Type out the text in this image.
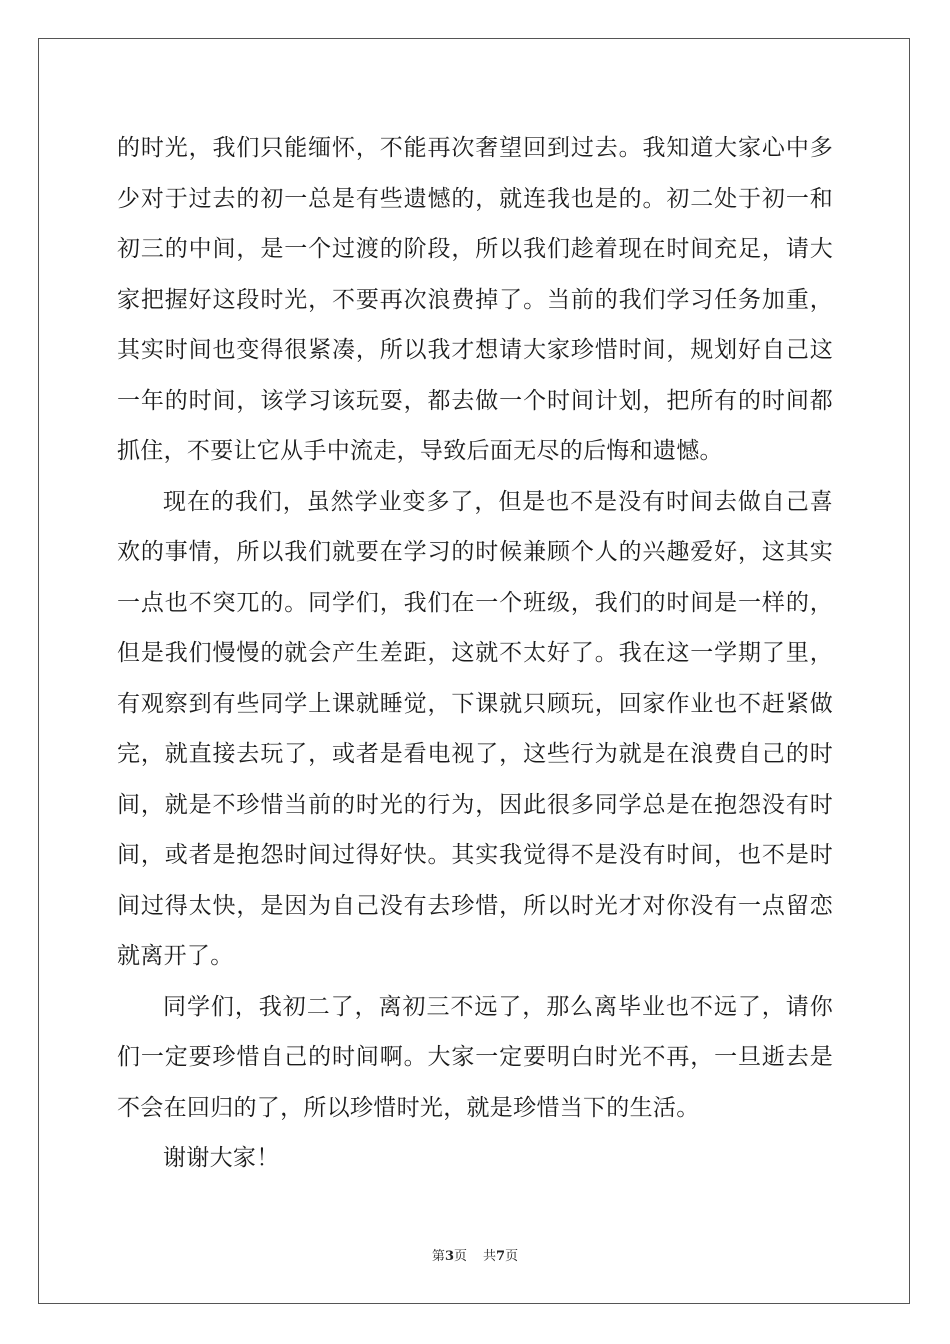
的时光，我们只能缅怀，不能再次奢望回到过去。我知道大家心中多
少对于过去的初一总是有些遗憾的，就连我也是的。初二处于初一和
初三的中间，是一个过渡的阶段，所以我们趁着现在时间充足，请大
家把握好这段时光，不要再次浪费掉了。当前的我们学习任务加重，
其实时间也变得很紧凑，所以我才想请大家珍惜时间，规划好自己这
一年的时间，该学习该玩耍，都去做一个时间计划，把所有的时间都
抓住，不要让它从手中流走，导致后面无尽的后悔和遗憾。
现在的我们，虽然学业变多了，但是也不是没有时间去做自己喜
欢的事情，所以我们就要在学习的时候兼顾个人的兴趣爱好，这其实
一点也不突兀的。同学们，我们在一个班级，我们的时间是一样的，
但是我们慢慢的就会产生差距，这就不太好了。我在这一学期了里，
有观察到有些同学上课就睡觉，下课就只顾玩，回家作业也不赶紧做
完，就直接去玩了，或者是看电视了，这些行为就是在浪费自己的时
间，就是不珍惜当前的时光的行为，因此很多同学总是在抱怨没有时
间，或者是抱怨时间过得好快。其实我觉得不是没有时间，也不是时
间过得太快，是因为自己没有去珍惜，所以时光才对你没有一点留恋
就离开了。
同学们，我初二了，离初三不远了，那么离毕业也不远了，请你
们一定要珍惜自己的时间啊。大家一定要明白时光不再，一旦逝去是
不会在回归的了，所以珍惜时光，就是珍惜当下的生活。
谢谢大家！
第3页 共7页
